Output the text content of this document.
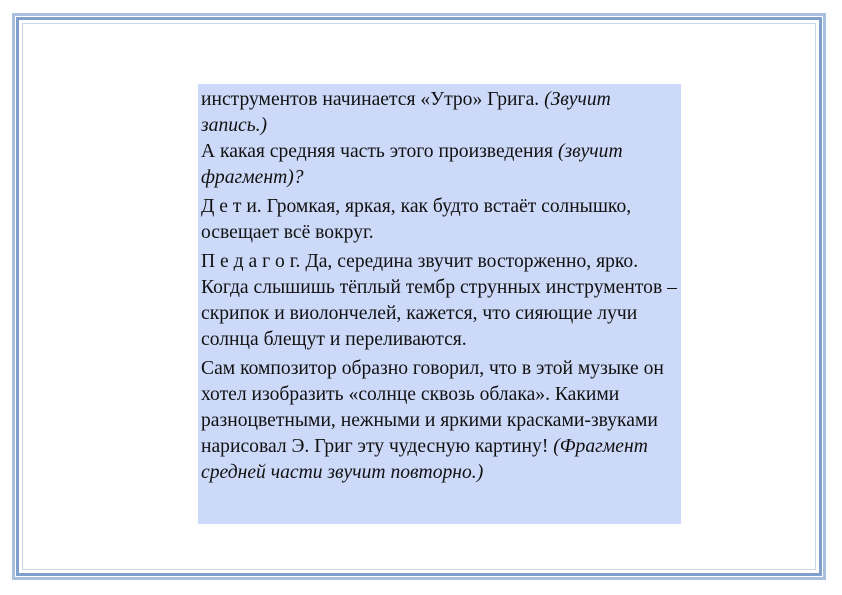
инструментов начинается «Утро» Грига. (Звучит запись.)

А какая средняя часть этого произведения (звучит фрагмент)?

Д е т и. Громкая, яркая, как будто встаёт солнышко, освещает всё вокруг.

П е д а г о г. Да, середина звучит восторженно, ярко. Когда слышишь тёплый тембр струнных инструментов – скрипок и виолончелей, кажется, что сияющие лучи солнца блещут и переливаются.

Сам композитор образно говорил, что в этой музыке он хотел изобразить «солнце сквозь облака». Какими разноцветными, нежными и яркими красками-звуками нарисовал Э. Григ эту чудесную картину! (Фрагмент средней части звучит повторно.)
